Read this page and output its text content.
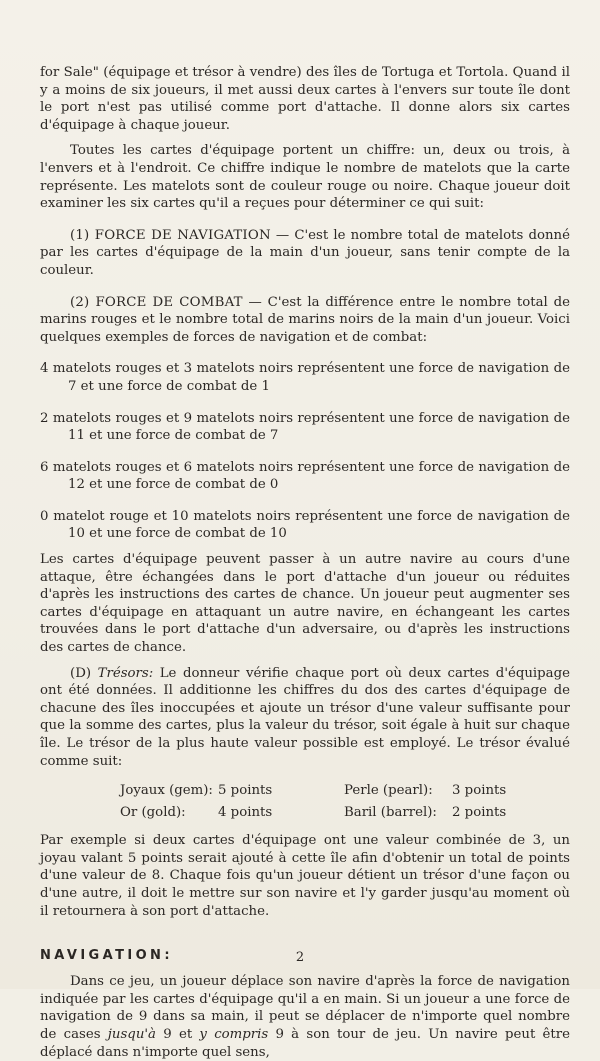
for Sale" (équipage et trésor à vendre) des îles de Tortuga et Tortola. Quand il y a moins de six joueurs, il met aussi deux cartes à l'envers sur toute île dont le port n'est pas utilisé comme port d'attache. Il donne alors six cartes d'équipage à chaque joueur.

Toutes les cartes d'équipage portent un chiffre: un, deux ou trois, à l'envers et à l'endroit. Ce chiffre indique le nombre de matelots que la carte représente. Les matelots sont de couleur rouge ou noire. Chaque joueur doit examiner les six cartes qu'il a reçues pour déterminer ce qui suit:

(1) FORCE DE NAVIGATION — C'est le nombre total de matelots donné par les cartes d'équipage de la main d'un joueur, sans tenir compte de la couleur.

(2) FORCE DE COMBAT — C'est la différence entre le nombre total de marins rouges et le nombre total de marins noirs de la main d'un joueur. Voici quelques exemples de forces de navigation et de combat:

4 matelots rouges et 3 matelots noirs représentent une force de navigation de 7 et une force de combat de 1

2 matelots rouges et 9 matelots noirs représentent une force de navigation de 11 et une force de combat de 7

6 matelots rouges et 6 matelots noirs représentent une force de navigation de 12 et une force de combat de 0

0 matelot rouge et 10 matelots noirs représentent une force de navigation de 10 et une force de combat de 10

Les cartes d'équipage peuvent passer à un autre navire au cours d'une attaque, être échangées dans le port d'attache d'un joueur ou réduites d'après les instructions des cartes de chance. Un joueur peut augmenter ses cartes d'équipage en attaquant un autre navire, en échangeant les cartes trouvées dans le port d'attache d'un adversaire, ou d'après les instructions des cartes de chance.

(D) Trésors: Le donneur vérifie chaque port où deux cartes d'équipage ont été données. Il additionne les chiffres du dos des cartes d'équipage de chacune des îles inoccupées et ajoute un trésor d'une valeur suffisante pour que la somme des cartes, plus la valeur du trésor, soit égale à huit sur chaque île. Le trésor de la plus haute valeur possible est employé. Le trésor évalué comme suit:

Joyaux (gem): 5 points	Perle (pearl):	3 points
Or (gold):	4 points	Baril (barrel):	2 points

Par exemple si deux cartes d'équipage ont une valeur combinée de 3, un joyau valant 5 points serait ajouté à cette île afin d'obtenir un total de points d'une valeur de 8. Chaque fois qu'un joueur détient un trésor d'une façon ou d'une autre, il doit le mettre sur son navire et l'y garder jusqu'au moment où il retournera à son port d'attache.

NAVIGATION:

Dans ce jeu, un joueur déplace son navire d'après la force de navigation indiquée par les cartes d'équipage qu'il a en main. Si un joueur a une force de navigation de 9 dans sa main, il peut se déplacer de n'importe quel nombre de cases jusqu'à 9 et y compris 9 à son tour de jeu. Un navire peut être déplacé dans n'importe quel sens,

2
